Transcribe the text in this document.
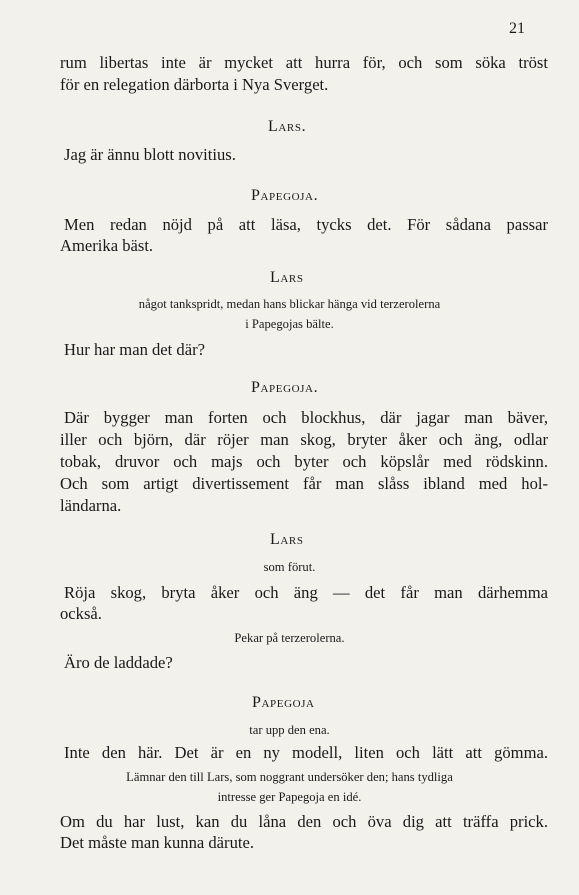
21
rum libertas inte är mycket att hurra för, och som söka tröst
för en relegation därborta i Nya Sverget.
Lars.
Jag är ännu blott novitius.
Papegoja.
Men redan nöjd på att läsa, tycks det. För sådana passar
Amerika bäst.
Lars
något tankspridt, medan hans blickar hänga vid terzerolerna
i Papegojas bälte.
Hur har man det där?
Papegoja.
Där bygger man forten och blockhus, där jagar man bäver,
iller och björn, där röjer man skog, bryter åker och äng, odlar
tobak, druvor och majs och byter och köpslår med rödskinn.
Och som artigt divertissement får man slåss ibland med hol-
ländarna.
Lars
som förut.
Röja skog, bryta åker och äng — det får man därhemma
också.
Pekar på terzerolerna.
Äro de laddade?
Papegoja
tar upp den ena.
Inte den här. Det är en ny modell, liten och lätt att gömma.
Lämnar den till Lars, som noggrant undersöker den; hans tydliga
intresse ger Papegoja en idé.
Om du har lust, kan du låna den och öva dig att träffa prick.
Det måste man kunna därute.
